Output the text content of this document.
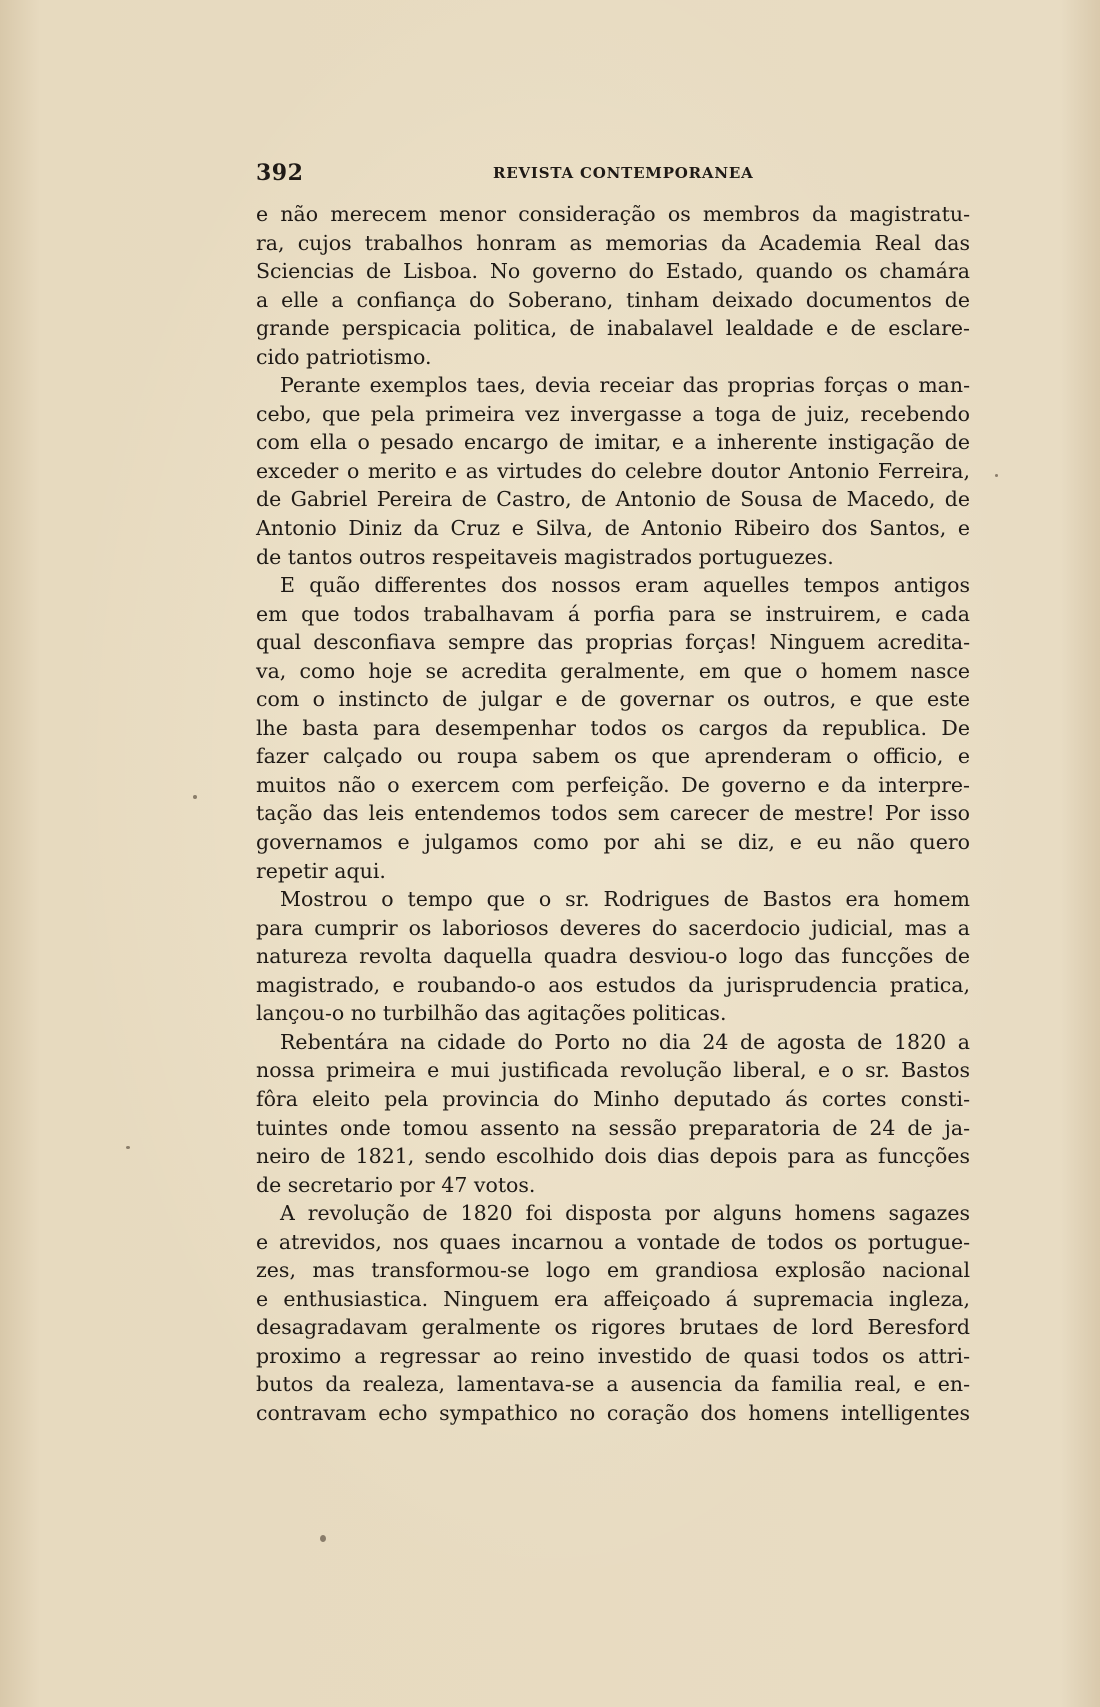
392	REVISTA CONTEMPORANEA
e não merecem menor consideração os membros da magistratu-
ra, cujos trabalhos honram as memorias da Academia Real das
Sciencias de Lisboa. No governo do Estado, quando os chamára
a elle a confiança do Soberano, tinham deixado documentos de
grande perspicacia politica, de inabalavel lealdade e de esclare-
cido patriotismo.
Perante exemplos taes, devia receiar das proprias forças o man-
cebo, que pela primeira vez invergasse a toga de juiz, recebendo
com ella o pesado encargo de imitar, e a inherente instigação de
exceder o merito e as virtudes do celebre doutor Antonio Ferreira,
de Gabriel Pereira de Castro, de Antonio de Sousa de Macedo, de
Antonio Diniz da Cruz e Silva, de Antonio Ribeiro dos Santos, e
de tantos outros respeitaveis magistrados portuguezes.
E quão differentes dos nossos eram aquelles tempos antigos
em que todos trabalhavam á porfia para se instruirem, e cada
qual desconfiava sempre das proprias forças! Ninguem acredita-
va, como hoje se acredita geralmente, em que o homem nasce
com o instincto de julgar e de governar os outros, e que este
lhe basta para desempenhar todos os cargos da republica. De
fazer calçado ou roupa sabem os que aprenderam o officio, e
muitos não o exercem com perfeição. De governo e da interpre-
tação das leis entendemos todos sem carecer de mestre! Por isso
governamos e julgamos como por ahi se diz, e eu não quero
repetir aqui.
Mostrou o tempo que o sr. Rodrigues de Bastos era homem
para cumprir os laboriosos deveres do sacerdocio judicial, mas a
natureza revolta daquella quadra desviou-o logo das funcções de
magistrado, e roubando-o aos estudos da jurisprudencia pratica,
lançou-o no turbilhão das agitações politicas.
Rebentára na cidade do Porto no dia 24 de agosta de 1820 a
nossa primeira e mui justificada revolução liberal, e o sr. Bastos
fôra eleito pela provincia do Minho deputado ás cortes consti-
tuintes onde tomou assento na sessão preparatoria de 24 de ja-
neiro de 1821, sendo escolhido dois dias depois para as funcções
de secretario por 47 votos.
A revolução de 1820 foi disposta por alguns homens sagazes
e atrevidos, nos quaes incarnou a vontade de todos os portugue-
zes, mas transformou-se logo em grandiosa explosão nacional
e enthusiastica. Ninguem era affeiçoado á supremacia ingleza,
desagradavam geralmente os rigores brutaes de lord Beresford
proximo a regressar ao reino investido de quasi todos os attri-
butos da realeza, lamentava-se a ausencia da familia real, e en-
contravam echo sympathico no coração dos homens intelligentes
